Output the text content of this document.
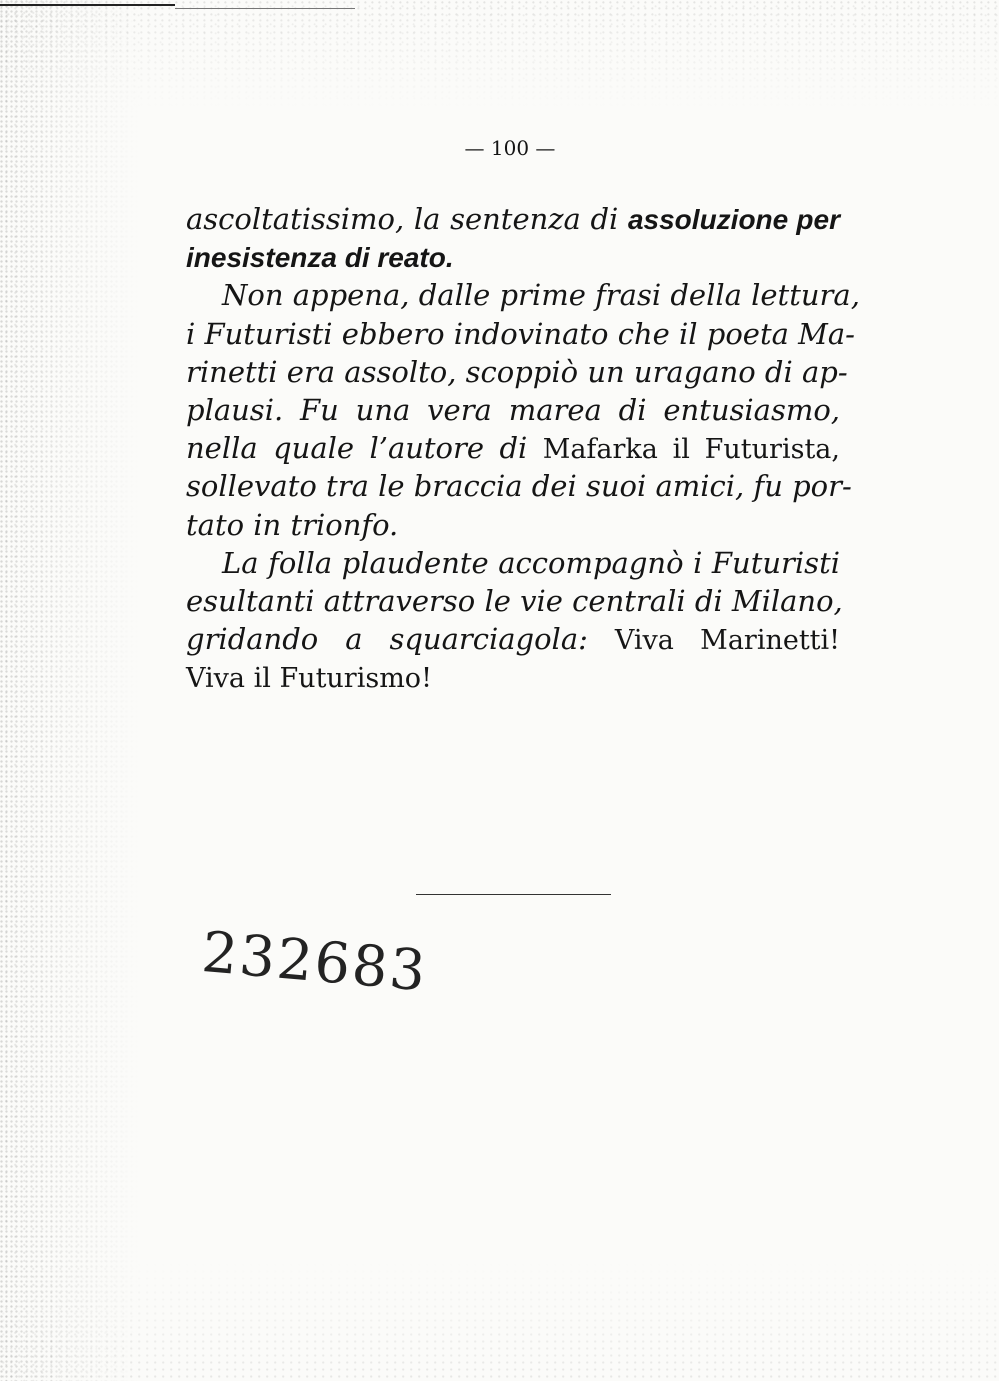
— 100 —
ascoltatissimo, la sentenza di assoluzione per
inesistenza di reato.
Non appena, dalle prime frasi della lettura,
i Futuristi ebbero indovinato che il poeta Ma-
rinetti era assolto, scoppiò un uragano di ap-
plausi. Fu una vera marea di entusiasmo,
nella quale l’autore di Mafarka il Futurista,
sollevato tra le braccia dei suoi amici, fu por-
tato in trionfo.
La folla plaudente accompagnò i Futuristi
esultanti attraverso le vie centrali di Milano,
gridando a squarciagola: Viva Marinetti!
Viva il Futurismo!
232683
